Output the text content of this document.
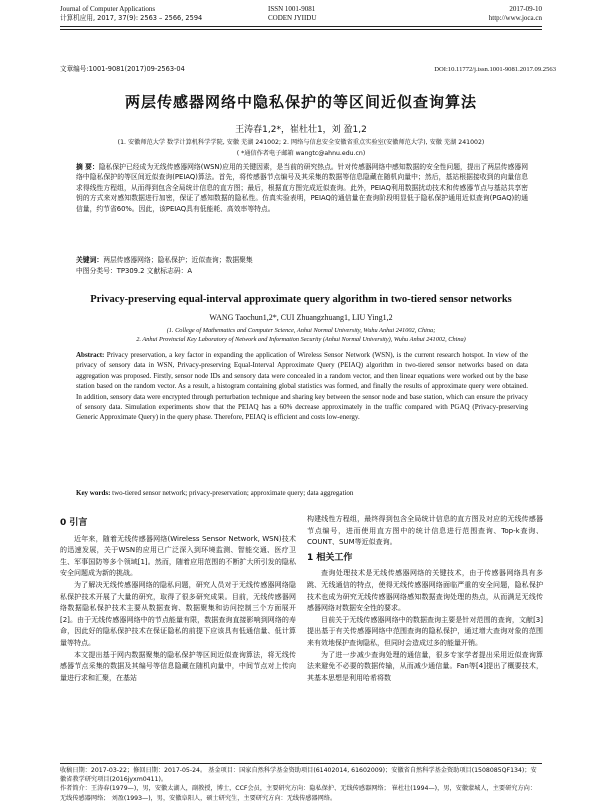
Journal of Computer Applications
计算机应用, 2017, 37(9): 2563 – 2566, 2594
ISSN 1001-9081
CODEN JYIIDU
2017-09-10
http://www.joca.cn
文章编号:1001-9081(2017)09-2563-04	DOI:10.11772/j.issn.1001-9081.2017.09.2563
两层传感器网络中隐私保护的等区间近似查询算法
王涛春1,2*，崔杜壮1，刘 盈1,2
(1. 安徽师范大学 数学计算机科学学院, 安徽 芜湖 241002; 2. 网络与信息安全安徽省重点实验室(安徽师范大学), 安徽 芜湖 241002)
( *通信作者电子邮箱 wangtc@ahnu.edu.cn)
摘 要：隐私保护已经成为无线传感器网络(WSN)应用的关键因素，是当前的研究热点。针对传感器网络中感知数据的安全性问题，提出了两层传感器网络中隐私保护的等区间近似查询(PEIAQ)算法。首先，将传感器节点编号及其采集的数据等信息隐藏在随机向量中；然后，基站根据接收到的向量信息求得线性方程组，从而得到包含全局统计信息的直方图；最后，根据直方图完成近似查询。此外，PEIAQ利用数据扰动技术和传感器节点与基站共享密钥的方式来对感知数据进行加密，保证了感知数据的隐私性。仿真实验表明，PEIAQ的通信量在查询阶段明显低于隐私保护通用近似查询(PGAQ)的通信量，约节省60%。因此，该PEIAQ具有低能耗、高效率等特点。
关键词：两层传感器网络；隐私保护；近似查询；数据聚集
中图分类号：TP309.2 文献标志码：A
Privacy-preserving equal-interval approximate query algorithm in two-tiered sensor networks
WANG Taochun1,2*, CUI Zhuangzhuang1, LIU Ying1,2
(1. College of Mathematics and Computer Science, Anhui Normal University, Wuhu Anhui 241002, China;
2. Anhui Provincial Key Laboratory of Network and Information Security (Anhui Normal University), Wuhu Anhui 241002, China)
Abstract: Privacy preservation, a key factor in expanding the application of Wireless Sensor Network (WSN), is the current research hotspot. In view of the privacy of sensory data in WSN, Privacy-preserving Equal-Interval Approximate Query (PEIAQ) algorithm in two-tiered sensor networks based on data aggregation was proposed. Firstly, sensor node IDs and sensory data were concealed in a random vector, and then linear equations were worked out by the base station based on the random vector. As a result, a histogram containing global statistics was formed, and finally the results of approximate query were obtained. In addition, sensory data were encrypted through perturbation technique and sharing key between the sensor node and base station, which can ensure the privacy of sensory data. Simulation experiments show that the PEIAQ has a 60% decrease approximately in the traffic compared with PGAQ (Privacy-preserving Generic Approximate Query) in the query phase. Therefore, PEIAQ is efficient and costs low-energy.
Key words: two-tiered sensor network; privacy-preservation; approximate query; data aggregation
0 引言

近年来，随着无线传感器网络(Wireless Sensor Network, WSN)技术的迅速发展，关于WSN的应用已广泛深入到环境监测、智能交通、医疗卫生、军事国防等多个领域[1]。然而，随着应用范围的不断扩大所引发的隐私安全问题成为新的挑战。

为了解决无线传感器网络的隐私问题，研究人员对于无线传感器网络隐私保护技术开展了大量的研究，取得了很多研究成果。目前，无线传感器网络数据隐私保护技术主要从数据查询、数据聚集和访问控制三个方面展开[2]。由于无线传感器网络中的节点能量有限，数据查询直接影响到网络的寿命，因此好的隐私保护技术在保证隐私的前提下应该具有低通信量、低计算量等特点。

本文提出基于网内数据聚集的隐私保护等区间近似查询算法，将无线传感器节点采集的数据及其编号等信息隐藏在随机向量中，中间节点对上传向量进行求和汇聚，在基站

构建线性方程组，最终得到包含全局统计信息的直方图及对应的无线传感器节点编号，进而使用直方图中的统计信息进行范围查询、Top-k查询、COUNT、SUM等近似查询。

1 相关工作

查询处理技术是无线传感器网络的关键技术，由于传感器网络具有多跳、无线通信的特点，使得无线传感器网络面临严重的安全问题，隐私保护技术也成为研究无线传感器网络感知数据查询处理的热点，从而满足无线传感器网络对数据安全性的要求。

目前关于无线传感器网络中的数据查询主要是针对范围的查询，文献[3]提出基于有关传感器网络中范围查询的隐私保护，通过增大查询对象的范围来有效地保护查询隐私，但同时会造成过多的能量开销。

为了进一步减少查询处理的通信量，很多专家学者提出采用近似查询算法来避免不必要的数据传输，从而减少通信量。Fan等[4]提出了概要技术，其基本思想是利用哈希将数

收稿日期：2017-03-22；修回日期：2017-05-24。 基金项目：国家自然科学基金资助项目(61402014, 61602009)；安徽省自然科学基金资助项目(1508085QF134)；安徽省教学研究项目(2016jyxm0411)。
作者简介：王涛春(1979—)，男，安徽太湖人，副教授，博士，CCF会员，主要研究方向：隐私保护、无线传感器网络； 崔杜壮(1994—)，男，安徽蒙城人，主要研究方向：无线传感器网络； 刘盈(1993—)，男，安徽阜阳人，硕士研究生，主要研究方向：无线传感器网络。
